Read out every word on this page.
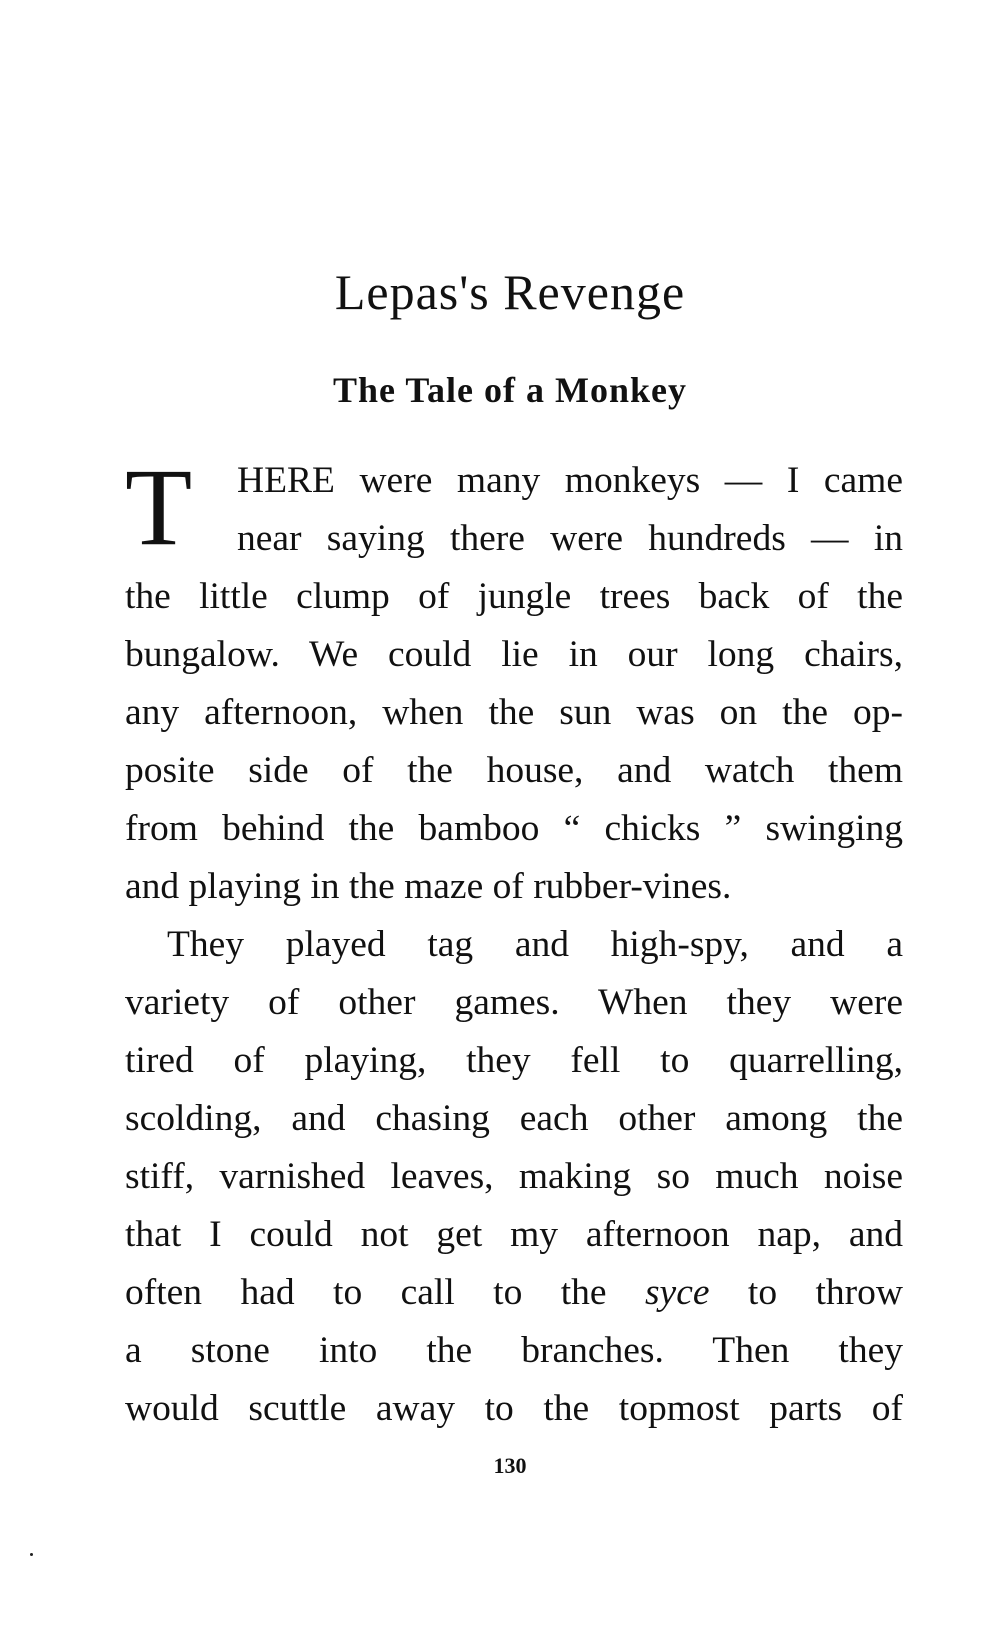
Lepas's Revenge
The Tale of a Monkey
T HERE were many monkeys — I came
near saying there were hundreds — in
the little clump of jungle trees back of the
bungalow. We could lie in our long chairs,
any afternoon, when the sun was on the op-
posite side of the house, and watch them
from behind the bamboo “ chicks ” swinging
and playing in the maze of rubber-vines.
They played tag and high-spy, and a
variety of other games. When they were
tired of playing, they fell to quarrelling,
scolding, and chasing each other among the
stiff, varnished leaves, making so much noise
that I could not get my afternoon nap, and
often had to call to the syce to throw
a stone into the branches. Then they
would scuttle away to the topmost parts of
130
